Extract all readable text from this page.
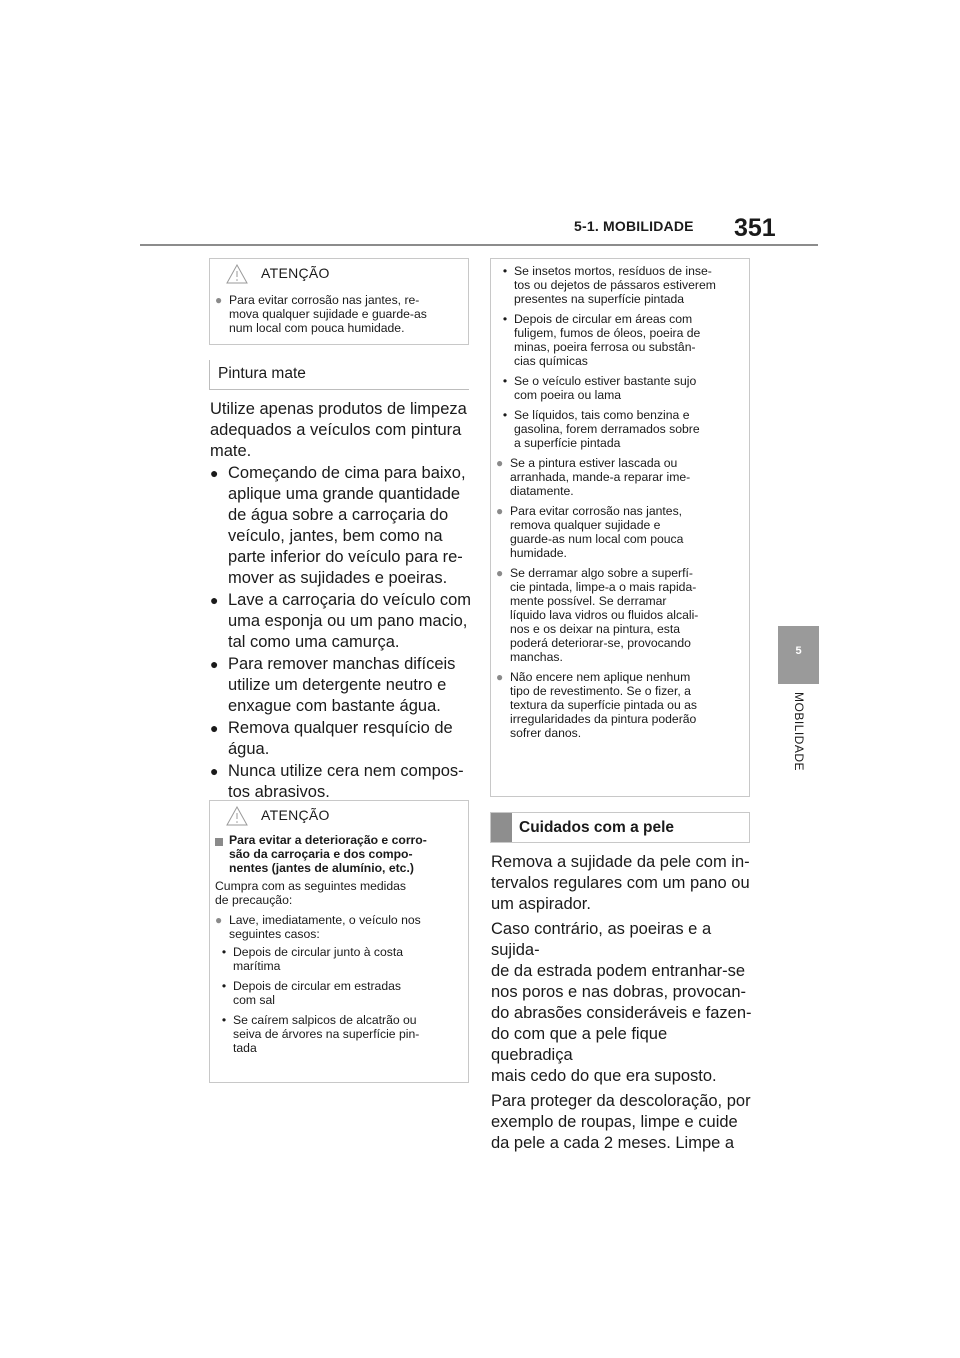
5-1. MOBILIDADE 351
5
MOBILIDADE
ATENÇÃO
● Para evitar corrosão nas jantes, re-
mova qualquer sujidade e guarde-as
num local com pouca humidade.
Pintura mate
Utilize apenas produtos de limpeza
adequados a veículos com pintura
mate.
● Começando de cima para baixo,
aplique uma grande quantidade
de água sobre a carroçaria do
veículo, jantes, bem como na
parte inferior do veículo para re-
mover as sujidades e poeiras.
● Lave a carroçaria do veículo com
uma esponja ou um pano macio,
tal como uma camurça.
● Para remover manchas difíceis
utilize um detergente neutro e
enxague com bastante água.
● Remova qualquer resquício de
água.
● Nunca utilize cera nem compos-
tos abrasivos.
ATENÇÃO
Para evitar a deterioração e corro-
são da carroçaria e dos compo-
nentes (jantes de alumínio, etc.)
Cumpra com as seguintes medidas
de precaução:
● Lave, imediatamente, o veículo nos
seguintes casos:
• Depois de circular junto à costa
marítima
• Depois de circular em estradas
com sal
• Se caírem salpicos de alcatrão ou
seiva de árvores na superfície pin-
tada
• Se insetos mortos, resíduos de inse-
tos ou dejetos de pássaros estiverem
presentes na superfície pintada
• Depois de circular em áreas com
fuligem, fumos de óleos, poeira de
minas, poeira ferrosa ou substân-
cias químicas
• Se o veículo estiver bastante sujo
com poeira ou lama
• Se líquidos, tais como benzina e
gasolina, forem derramados sobre
a superfície pintada
● Se a pintura estiver lascada ou
arranhada, mande-a reparar ime-
diatamente.
● Para evitar corrosão nas jantes,
remova qualquer sujidade e
guarde-as num local com pouca
humidade.
● Se derramar algo sobre a superfí-
cie pintada, limpe-a o mais rapida-
mente possível. Se derramar
líquido lava vidros ou fluidos alcali-
nos e os deixar na pintura, esta
poderá deteriorar-se, provocando
manchas.
● Não encere nem aplique nenhum
tipo de revestimento. Se o fizer, a
textura da superfície pintada ou as
irregularidades da pintura poderão
sofrer danos.
Cuidados com a pele
Remova a sujidade da pele com in-
tervalos regulares com um pano ou
um aspirador.
Caso contrário, as poeiras e a sujida-
de da estrada podem entranhar-se
nos poros e nas dobras, provocan-
do abrasões consideráveis e fazen-
do com que a pele fique quebradiça
mais cedo do que era suposto.
Para proteger da descoloração, por
exemplo de roupas, limpe e cuide
da pele a cada 2 meses. Limpe a
